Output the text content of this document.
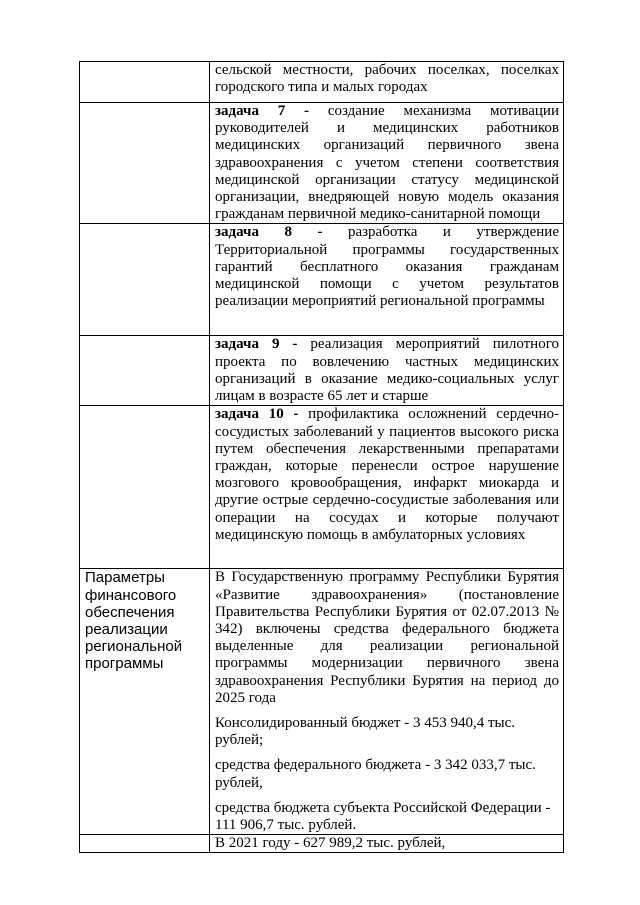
	сельской местности, рабочих поселках, поселках городского типа и малых городах

	задача 7 - создание механизма мотивации руководителей и медицинских работников медицинских организаций первичного звена здравоохранения с учетом степени соответствия медицинской организации статусу медицинской организации, внедряющей новую модель оказания гражданам первичной медико-санитарной помощи

	задача 8 - разработка и утверждение Территориальной программы государственных гарантий бесплатного оказания гражданам медицинской помощи с учетом результатов реализации мероприятий региональной программы

	задача 9 - реализация мероприятий пилотного проекта по вовлечению частных медицинских организаций в оказание медико-социальных услуг лицам в возрасте 65 лет и старше

	задача 10 - профилактика осложнений сердечно-сосудистых заболеваний у пациентов высокого риска путем обеспечения лекарственными препаратами граждан, которые перенесли острое нарушение мозгового кровообращения, инфаркт миокарда и другие острые сердечно-сосудистые заболевания или операции на сосудах и которые получают медицинскую помощь в амбулаторных условиях

Параметры финансового обеспечения реализации региональной программы	В Государственную программу Республики Бурятия «Развитие здравоохранения» (постановление Правительства Республики Бурятия от 02.07.2013 № 342) включены средства федерального бюджета выделенные для реализации региональной программы модернизации первичного звена здравоохранения Республики Бурятия на период до 2025 года

Консолидированный бюджет - 3 453 940,4 тыс. рублей;

средства федерального бюджета - 3 342 033,7 тыс. рублей,

средства бюджета субъекта Российской Федерации - 111 906,7 тыс. рублей.

	В 2021 году - 627 989,2 тыс. рублей,
